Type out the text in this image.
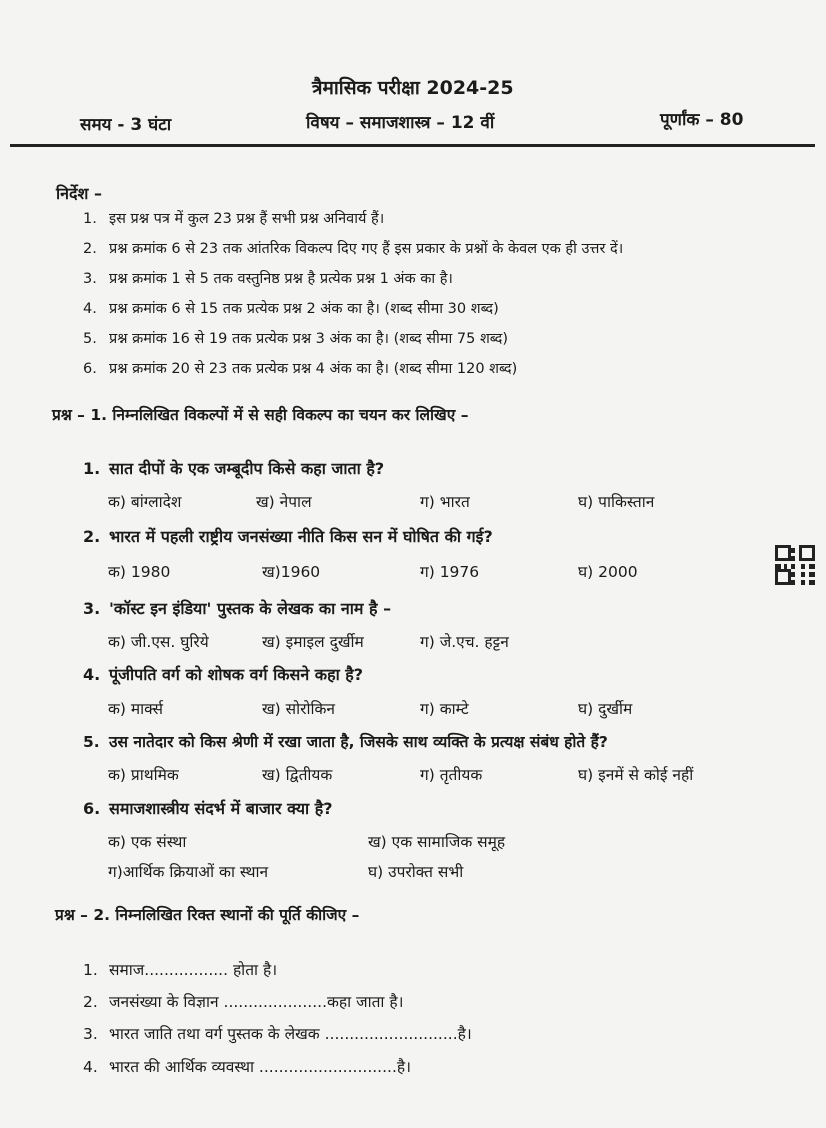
त्रैमासिक परीक्षा 2024-25
समय - 3 घंटा	विषय – समाजशास्त्र – 12 वीं	पूर्णांक – 80
निर्देश –
1. इस प्रश्न पत्र में कुल 23 प्रश्न हैं सभी प्रश्न अनिवार्य हैं।
2. प्रश्न क्रमांक 6 से 23 तक आंतरिक विकल्प दिए गए हैं इस प्रकार के प्रश्नों के केवल एक ही उत्तर दें।
3. प्रश्न क्रमांक 1 से 5 तक वस्तुनिष्ठ प्रश्न है प्रत्येक प्रश्न 1 अंक का है।
4. प्रश्न क्रमांक 6 से 15 तक प्रत्येक प्रश्न 2 अंक का है। (शब्द सीमा 30 शब्द)
5. प्रश्न क्रमांक 16 से 19 तक प्रत्येक प्रश्न 3 अंक का है। (शब्द सीमा 75 शब्द)
6. प्रश्न क्रमांक 20 से 23 तक प्रत्येक प्रश्न 4 अंक का है। (शब्द सीमा 120 शब्द)
प्रश्न – 1. निम्नलिखित विकल्पों में से सही विकल्प का चयन कर लिखिए –
1. सात दीपों के एक जम्बूदीप किसे कहा जाता है?
क) बांग्लादेश	ख) नेपाल	ग) भारत	घ) पाकिस्तान
2. भारत में पहली राष्ट्रीय जनसंख्या नीति किस सन में घोषित की गई?
क) 1980	ख)1960	ग) 1976	घ) 2000
3. 'कॉस्ट इन इंडिया' पुस्तक के लेखक का नाम है –
क) जी.एस. घुरिये	ख) इमाइल दुर्खीम	ग) जे.एच. हट्टन
4. पूंजीपति वर्ग को शोषक वर्ग किसने कहा है?
क) मार्क्स	ख) सोरोकिन	ग) काम्टे	घ) दुर्खीम
5. उस नातेदार को किस श्रेणी में रखा जाता है, जिसके साथ व्यक्ति के प्रत्यक्ष संबंध होते हैं?
क) प्राथमिक	ख) द्वितीयक	ग) तृतीयक	घ) इनमें से कोई नहीं
6. समाजशास्त्रीय संदर्भ में बाजार क्या है?
क) एक संस्था	ख) एक सामाजिक समूह
ग)आर्थिक क्रियाओं का स्थान	घ) उपरोक्त सभी
प्रश्न – 2. निम्नलिखित रिक्त स्थानों की पूर्ति कीजिए –
1. समाज................. होता है।
2. जनसंख्या के विज्ञान .....................कहा जाता है।
3. भारत जाति तथा वर्ग पुस्तक के लेखक ...........................है।
4. भारत की आर्थिक व्यवस्था ............................है।
